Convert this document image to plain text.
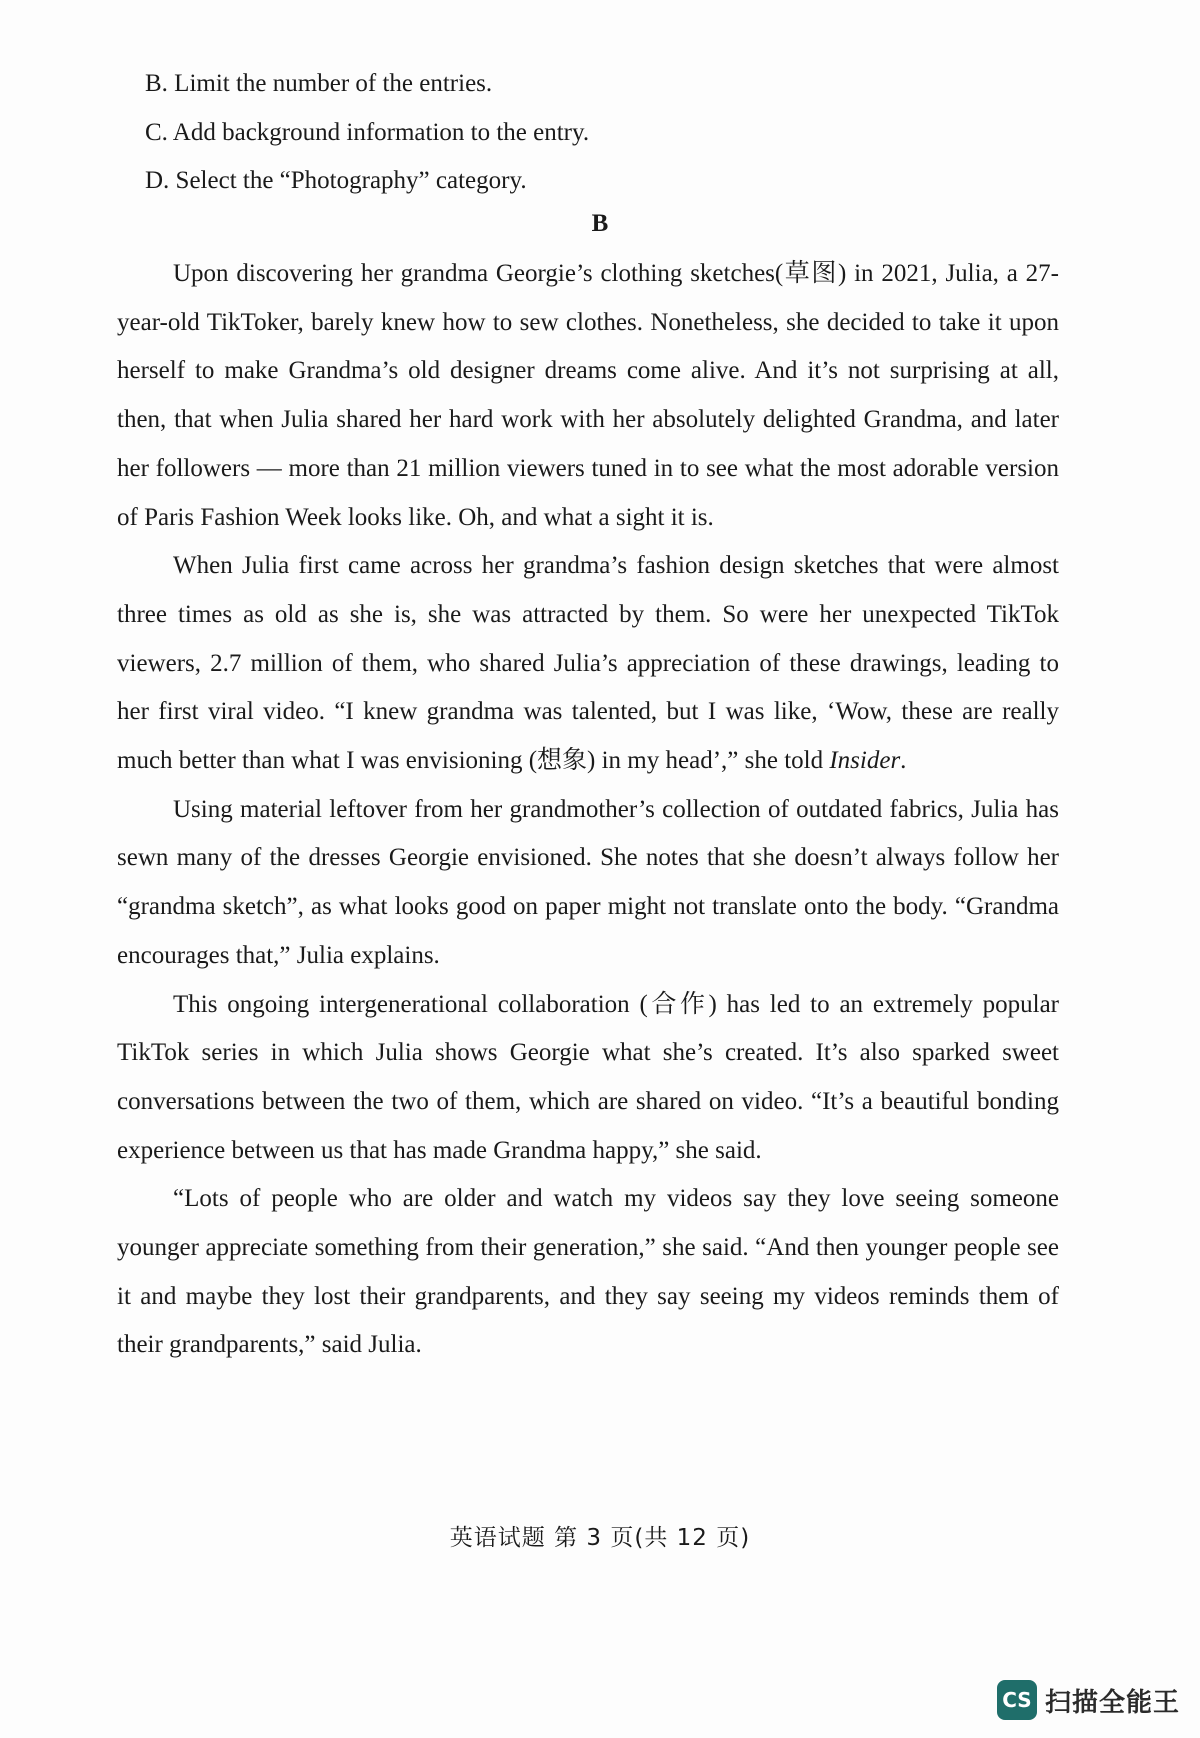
B. Limit the number of the entries.
C. Add background information to the entry.
D. Select the “Photography” category.
B

Upon discovering her grandma Georgie’s clothing sketches(草图) in 2021, Julia, a 27-year-old TikToker, barely knew how to sew clothes. Nonetheless, she decided to take it upon herself to make Grandma’s old designer dreams come alive. And it’s not surprising at all, then, that when Julia shared her hard work with her absolutely delighted Grandma, and later her followers — more than 21 million viewers tuned in to see what the most adorable version of Paris Fashion Week looks like. Oh, and what a sight it is.

When Julia first came across her grandma’s fashion design sketches that were almost three times as old as she is, she was attracted by them. So were her unexpected TikTok viewers, 2.7 million of them, who shared Julia’s appreciation of these drawings, leading to her first viral video. “I knew grandma was talented, but I was like, ‘Wow, these are really much better than what I was envisioning (想象) in my head’,” she told Insider.

Using material leftover from her grandmother’s collection of outdated fabrics, Julia has sewn many of the dresses Georgie envisioned. She notes that she doesn’t always follow her “grandma sketch”, as what looks good on paper might not translate onto the body. “Grandma encourages that,” Julia explains.

This ongoing intergenerational collaboration (合作) has led to an extremely popular TikTok series in which Julia shows Georgie what she’s created. It’s also sparked sweet conversations between the two of them, which are shared on video. “It’s a beautiful bonding experience between us that has made Grandma happy,” she said.

“Lots of people who are older and watch my videos say they love seeing someone younger appreciate something from their generation,” she said. “And then younger people see it and maybe they lost their grandparents, and they say seeing my videos reminds them of their grandparents,” said Julia.

英语试题 第 3 页(共 12 页)
CS 扫描全能王
